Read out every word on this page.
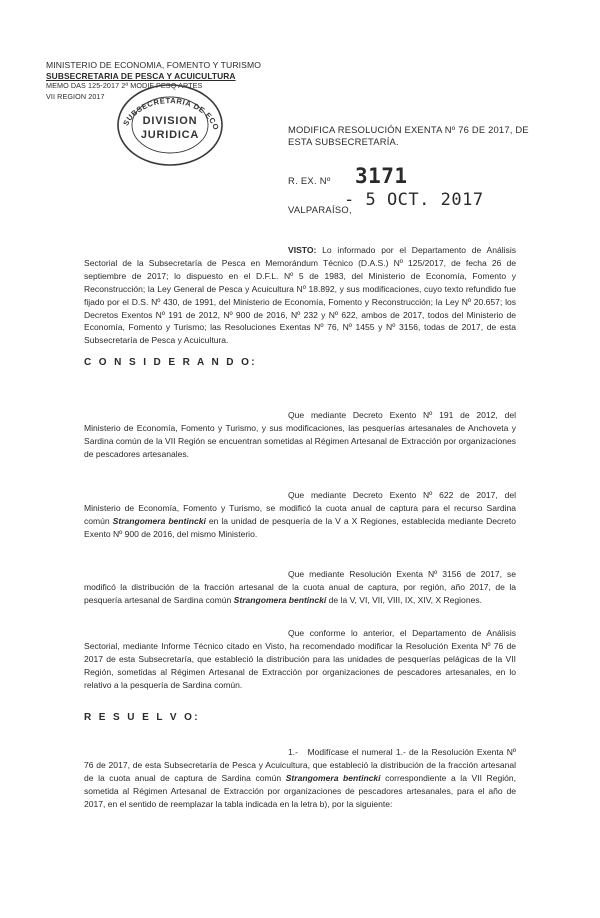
MINISTERIO DE ECONOMIA, FOMENTO Y TURISMO
SUBSECRETARIA DE PESCA Y ACUICULTURA
MEMO DAS 125-2017 2ª MODIF PESQ ARTES
VII REGION 2017
SUBSECRETARIA DE ECO
DIVISION
JURIDICA	MODIFICA RESOLUCIÓN EXENTA Nº 76 DE 2017, DE
ESTA SUBSECRETARÍA.
R. EX. Nº 3171
VALPARAÍSO,
- 5 OCT. 2017
VISTO: Lo informado por el Departamento de Análisis Sectorial de la Subsecretaría de Pesca en Memorándum Técnico (D.A.S.) Nº 125/2017, de fecha 26 de septiembre de 2017; lo dispuesto en el D.F.L. Nº 5 de 1983, del Ministerio de Economía, Fomento y Reconstrucción; la Ley General de Pesca y Acuicultura Nº 18.892, y sus modificaciones, cuyo texto refundido fue fijado por el D.S. Nº 430, de 1991, del Ministerio de Economía, Fomento y Reconstrucción; la Ley Nº 20.657; los Decretos Exentos Nº 191 de 2012, Nº 900 de 2016, Nº 232 y Nº 622, ambos de 2017, todos del Ministerio de Economía, Fomento y Turismo; las Resoluciones Exentas Nº 76, Nº 1455 y Nº 3156, todas de 2017, de esta Subsecretaría de Pesca y Acuicultura.
C O N S I D E R A N D O:
Que mediante Decreto Exento Nº 191 de 2012, del Ministerio de Economía, Fomento y Turismo, y sus modificaciones, las pesquerías artesanales de Anchoveta y Sardina común de la VII Región se encuentran sometidas al Régimen Artesanal de Extracción por organizaciones de pescadores artesanales.
Que mediante Decreto Exento Nº 622 de 2017, del Ministerio de Economía, Fomento y Turismo, se modificó la cuota anual de captura para el recurso Sardina común Strangomera bentincki en la unidad de pesquería de la V a X Regiones, establecida mediante Decreto Exento Nº 900 de 2016, del mismo Ministerio.
Que mediante Resolución Exenta Nº 3156 de 2017, se modificó la distribución de la fracción artesanal de la cuota anual de captura, por región, año 2017, de la pesquería artesanal de Sardina común Strangomera bentincki de la V, VI, VII, VIII, IX, XIV, X Regiones.
Que conforme lo anterior, el Departamento de Análisis Sectorial, mediante Informe Técnico citado en Visto, ha recomendado modificar la Resolución Exenta Nº 76 de 2017 de esta Subsecretaría, que estableció la distribución para las unidades de pesquerías pelágicas de la VII Región, sometidas al Régimen Artesanal de Extracción por organizaciones de pescadores artesanales, en lo relativo a la pesquería de Sardina común.
R E S U E L V O:
1.- Modifícase el numeral 1.- de la Resolución Exenta Nº 76 de 2017, de esta Subsecretaría de Pesca y Acuicultura, que estableció la distribución de la fracción artesanal de la cuota anual de captura de Sardina común Strangomera bentincki correspondiente a la VII Región, sometida al Régimen Artesanal de Extracción por organizaciones de pescadores artesanales, para el año de 2017, en el sentido de reemplazar la tabla indicada en la letra b), por la siguiente:
